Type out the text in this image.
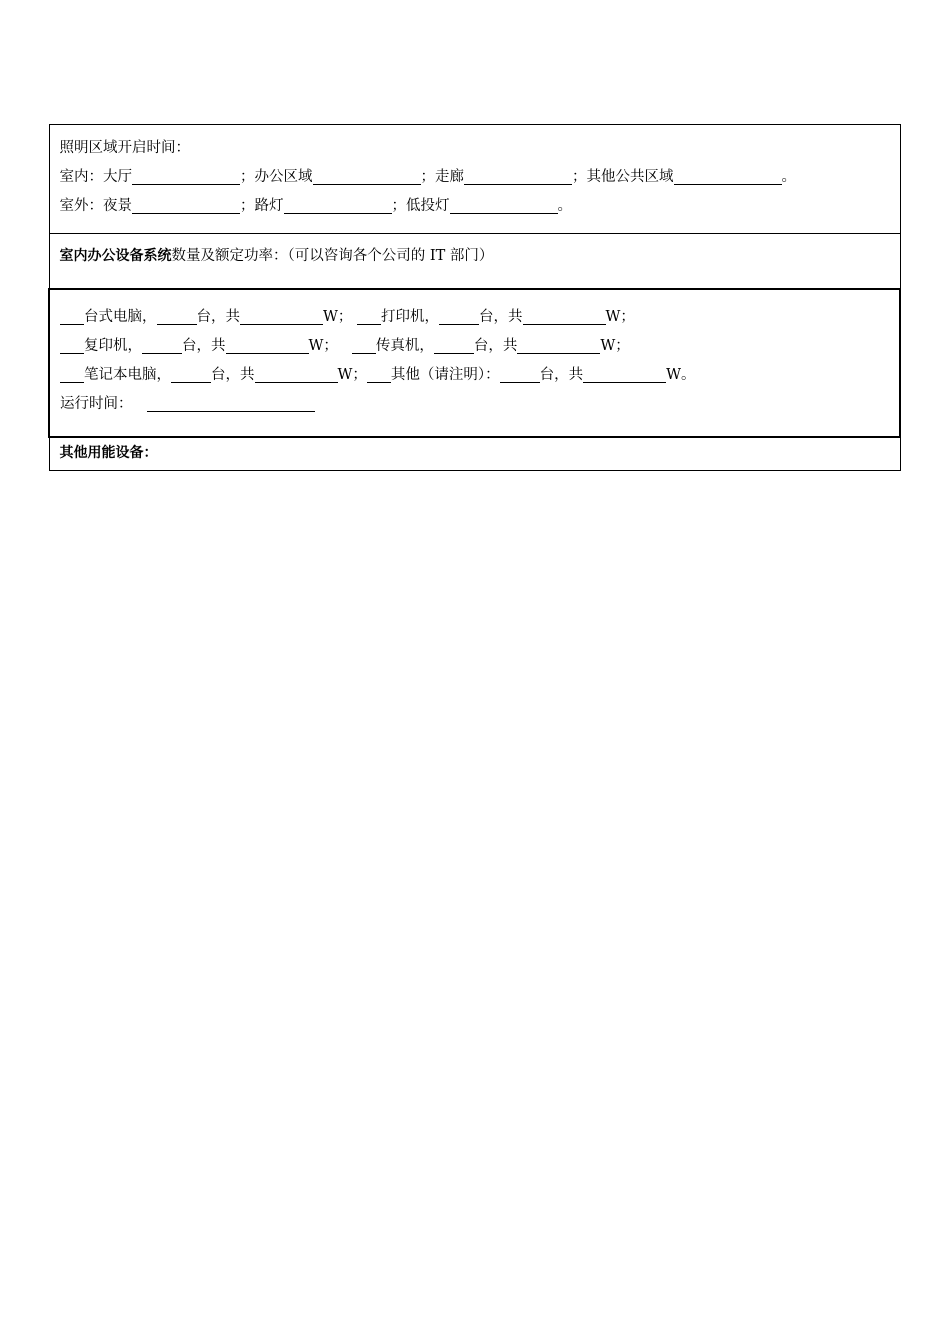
照明区域开启时间：
室内：大厅	；办公区域	；走廊	；其他公共区域	。
室外：夜景	；路灯	；低投灯	。

室内办公设备系统数量及额定功率：（可以咨询各个公司的 IT 部门）

台式电脑，	台，共	W； 打印机，	台，共	W；
复印机，	台，共	W；	传真机，	台，共	W；
笔记本电脑，	台，共	W； 其他（请注明）：	台，共	W。
运行时间：

其他用能设备：
